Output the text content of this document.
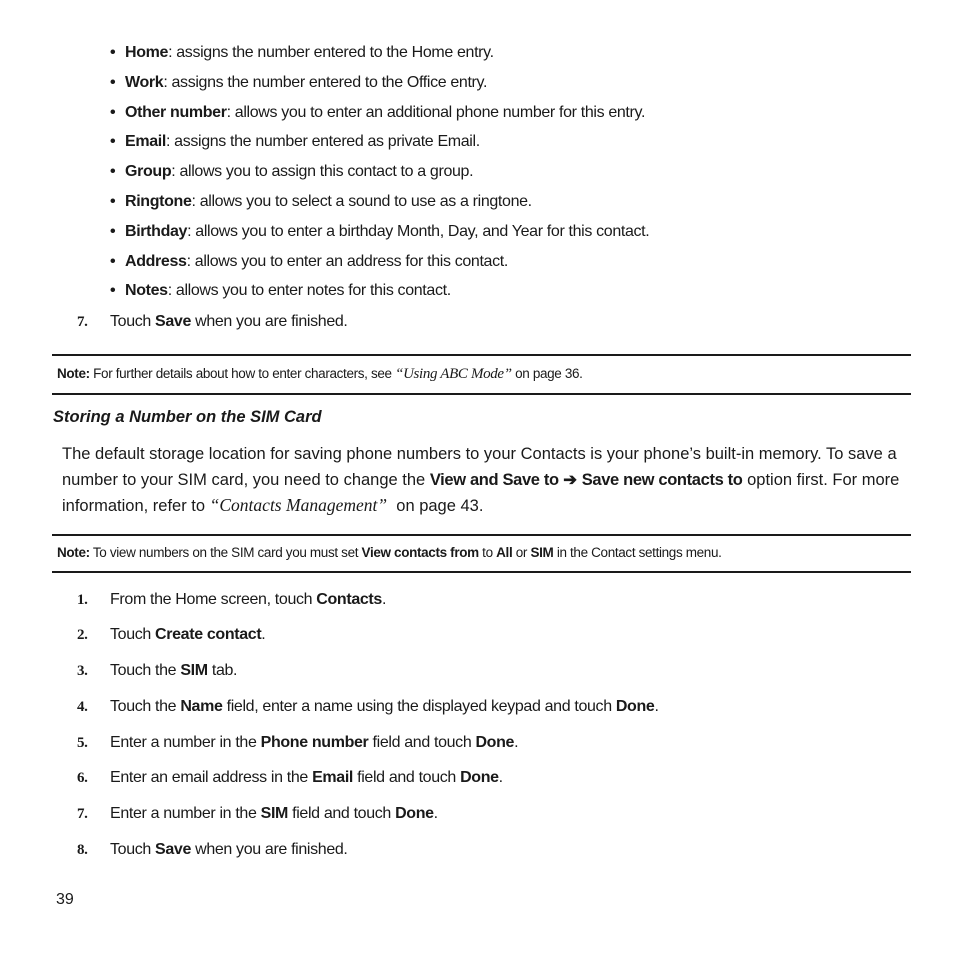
• Home: assigns the number entered to the Home entry.
• Work: assigns the number entered to the Office entry.
• Other number: allows you to enter an additional phone number for this entry.
• Email: assigns the number entered as private Email.
• Group: allows you to assign this contact to a group.
• Ringtone: allows you to select a sound to use as a ringtone.
• Birthday: allows you to enter a birthday Month, Day, and Year for this contact.
• Address: allows you to enter an address for this contact.
• Notes: allows you to enter notes for this contact.
7.	Touch Save when you are finished.
Note: For further details about how to enter characters, see “Using ABC Mode” on page 36.
Storing a Number on the SIM Card
The default storage location for saving phone numbers to your Contacts is your phone’s built-in memory. To save a number to your SIM card, you need to change the View and Save to ➔ Save new contacts to option first. For more information, refer to “Contacts Management”  on page 43.
Note: To view numbers on the SIM card you must set View contacts from to All or SIM in the Contact settings menu.
1.	From the Home screen, touch Contacts.
2.	Touch Create contact.
3.	Touch the SIM tab.
4.	Touch the Name field, enter a name using the displayed keypad and touch Done.
5.	Enter a number in the Phone number field and touch Done.
6.	Enter an email address in the Email field and touch Done.
7.	Enter a number in the SIM field and touch Done.
8.	Touch Save when you are finished.
39
